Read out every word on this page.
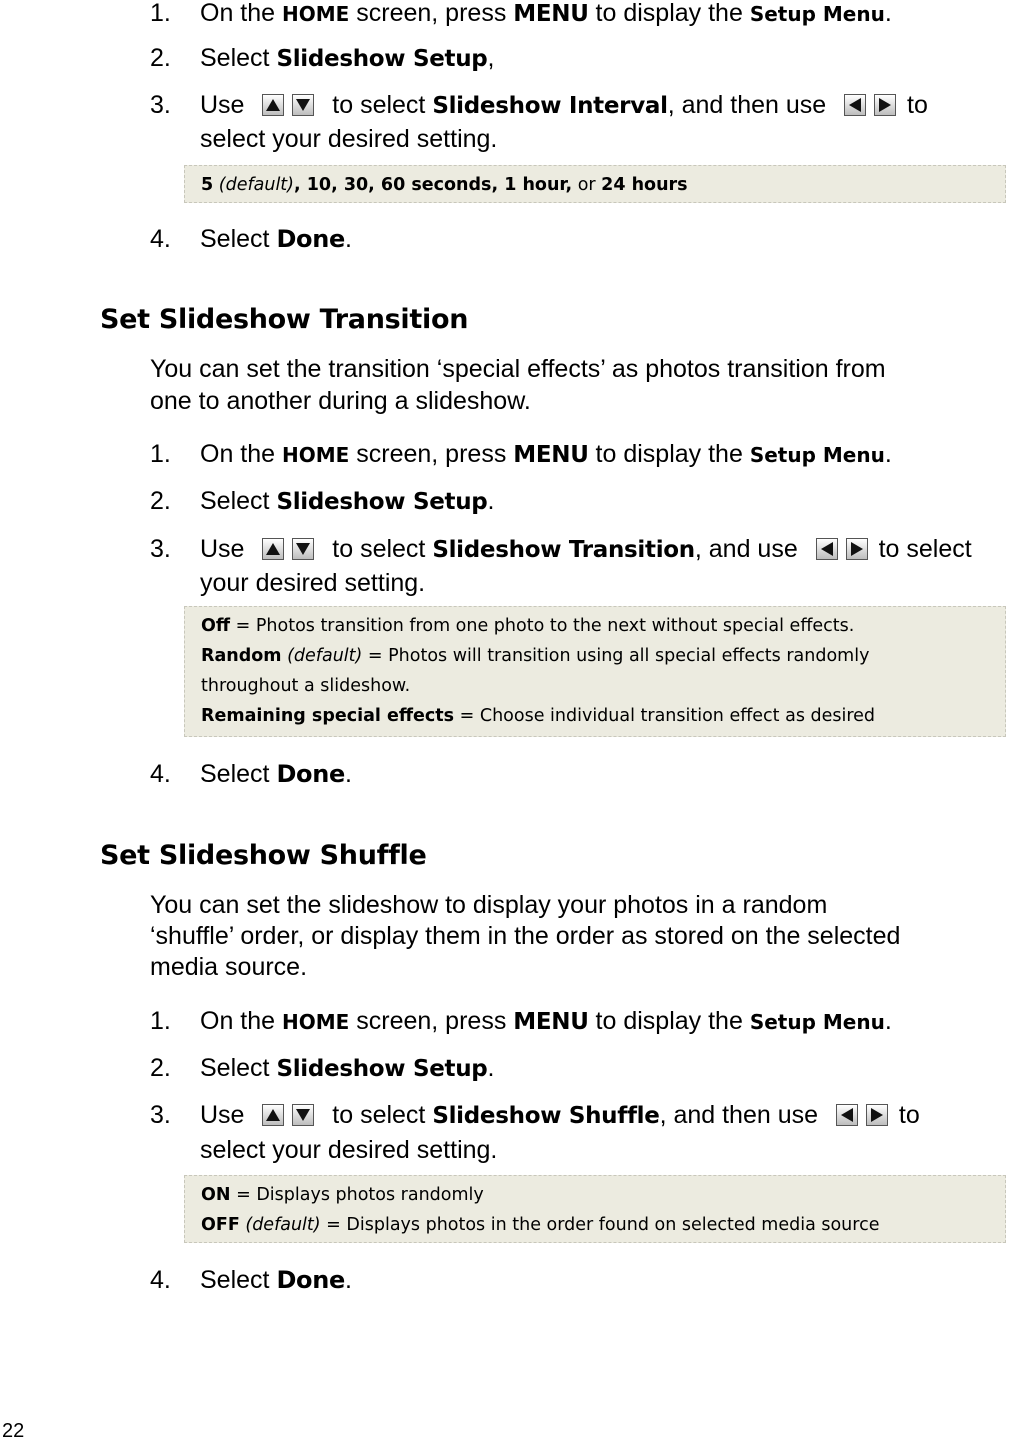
1. On the HOME screen, press MENU to display the Setup Menu.
2. Select Slideshow Setup,
3. Use	to select Slideshow Interval, and then use	to
select your desired setting.
5 (default), 10, 30, 60 seconds, 1 hour, or 24 hours
4. Select Done.
Set Slideshow Transition
You can set the transition ‘special effects’ as photos transition from
one to another during a slideshow.
1. On the HOME screen, press MENU to display the Setup Menu.
2. Select Slideshow Setup.
3. Use	to select Slideshow Transition, and use	to select
your desired setting.
Off = Photos transition from one photo to the next without special effects.
Random (default) = Photos will transition using all special effects randomly
throughout a slideshow.
Remaining special effects = Choose individual transition effect as desired
4. Select Done.
Set Slideshow Shuffle
You can set the slideshow to display your photos in a random
‘shuffle’ order, or display them in the order as stored on the selected
media source.
1. On the HOME screen, press MENU to display the Setup Menu.
2. Select Slideshow Setup.
3. Use	to select Slideshow Shuffle, and then use	to
select your desired setting.
ON = Displays photos randomly
OFF (default) = Displays photos in the order found on selected media source
4. Select Done.
22
